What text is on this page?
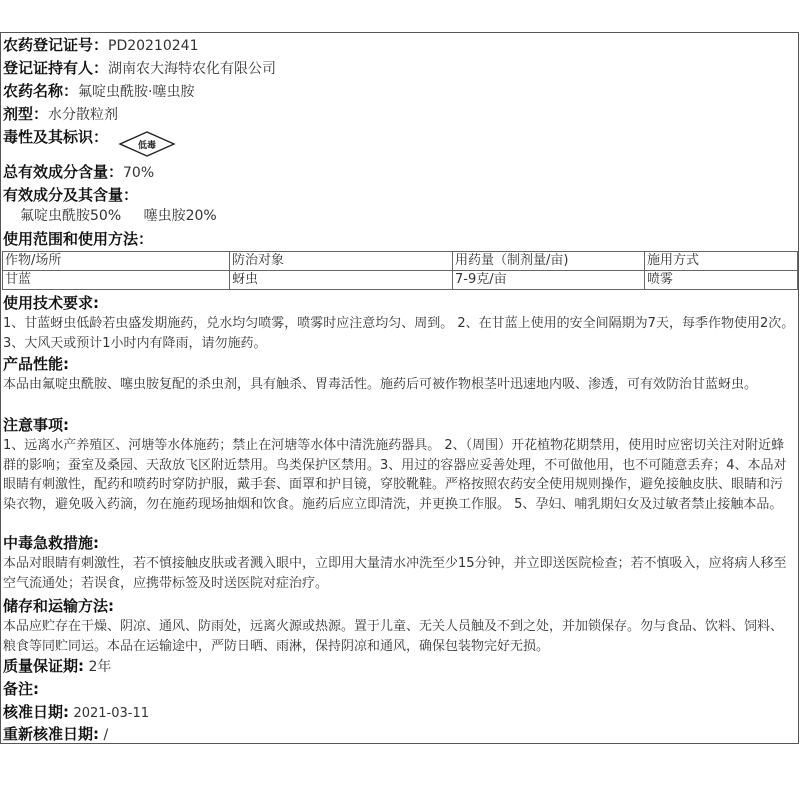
农药登记证号：PD20210241
登记证持有人：湖南农大海特农化有限公司
农药名称：氟啶虫酰胺·噻虫胺
剂型：水分散粒剂
毒性及其标识：	低毒
总有效成分含量：70%
有效成分及其含量：
氟啶虫酰胺50% 噻虫胺20%
使用范围和使用方法：
作物/场所	防治对象	用药量（制剂量/亩)	施用方式
甘蓝	蚜虫	7-9克/亩	喷雾
使用技术要求:
1、甘蓝蚜虫低龄若虫盛发期施药，兑水均匀喷雾，喷雾时应注意均匀、周到。 2、在甘蓝上使用的安全间隔期为7天，每季作物使用2次。3、大风天或预计1小时内有降雨，请勿施药。
产品性能:
本品由氟啶虫酰胺、噻虫胺复配的杀虫剂，具有触杀、胃毒活性。施药后可被作物根茎叶迅速地内吸、渗透，可有效防治甘蓝蚜虫。
注意事项:
1、远离水产养殖区、河塘等水体施药；禁止在河塘等水体中清洗施药器具。 2、（周围）开花植物花期禁用，使用时应密切关注对附近蜂群的影响；蚕室及桑园、天敌放飞区附近禁用。鸟类保护区禁用。3、用过的容器应妥善处理，不可做他用，也不可随意丢弃；4、本品对眼睛有刺激性，配药和喷药时穿防护服，戴手套、面罩和护目镜，穿胶靴鞋。严格按照农药安全使用规则操作，避免接触皮肤、眼睛和污染衣物，避免吸入药滴，勿在施药现场抽烟和饮食。施药后应立即清洗，并更换工作服。 5、孕妇、哺乳期妇女及过敏者禁止接触本品。
中毒急救措施:
本品对眼睛有刺激性，若不慎接触皮肤或者溅入眼中，立即用大量清水冲洗至少15分钟，并立即送医院检查；若不慎吸入，应将病人移至空气流通处；若误食，应携带标签及时送医院对症治疗。
储存和运输方法:
本品应贮存在干燥、阴凉、通风、防雨处，远离火源或热源。置于儿童、无关人员触及不到之处，并加锁保存。勿与食品、饮料、饲料、粮食等同贮同运。本品在运输途中，严防日晒、雨淋，保持阴凉和通风，确保包装物完好无损。
质量保证期: 2年
备注:
核准日期: 2021-03-11
重新核准日期: /
